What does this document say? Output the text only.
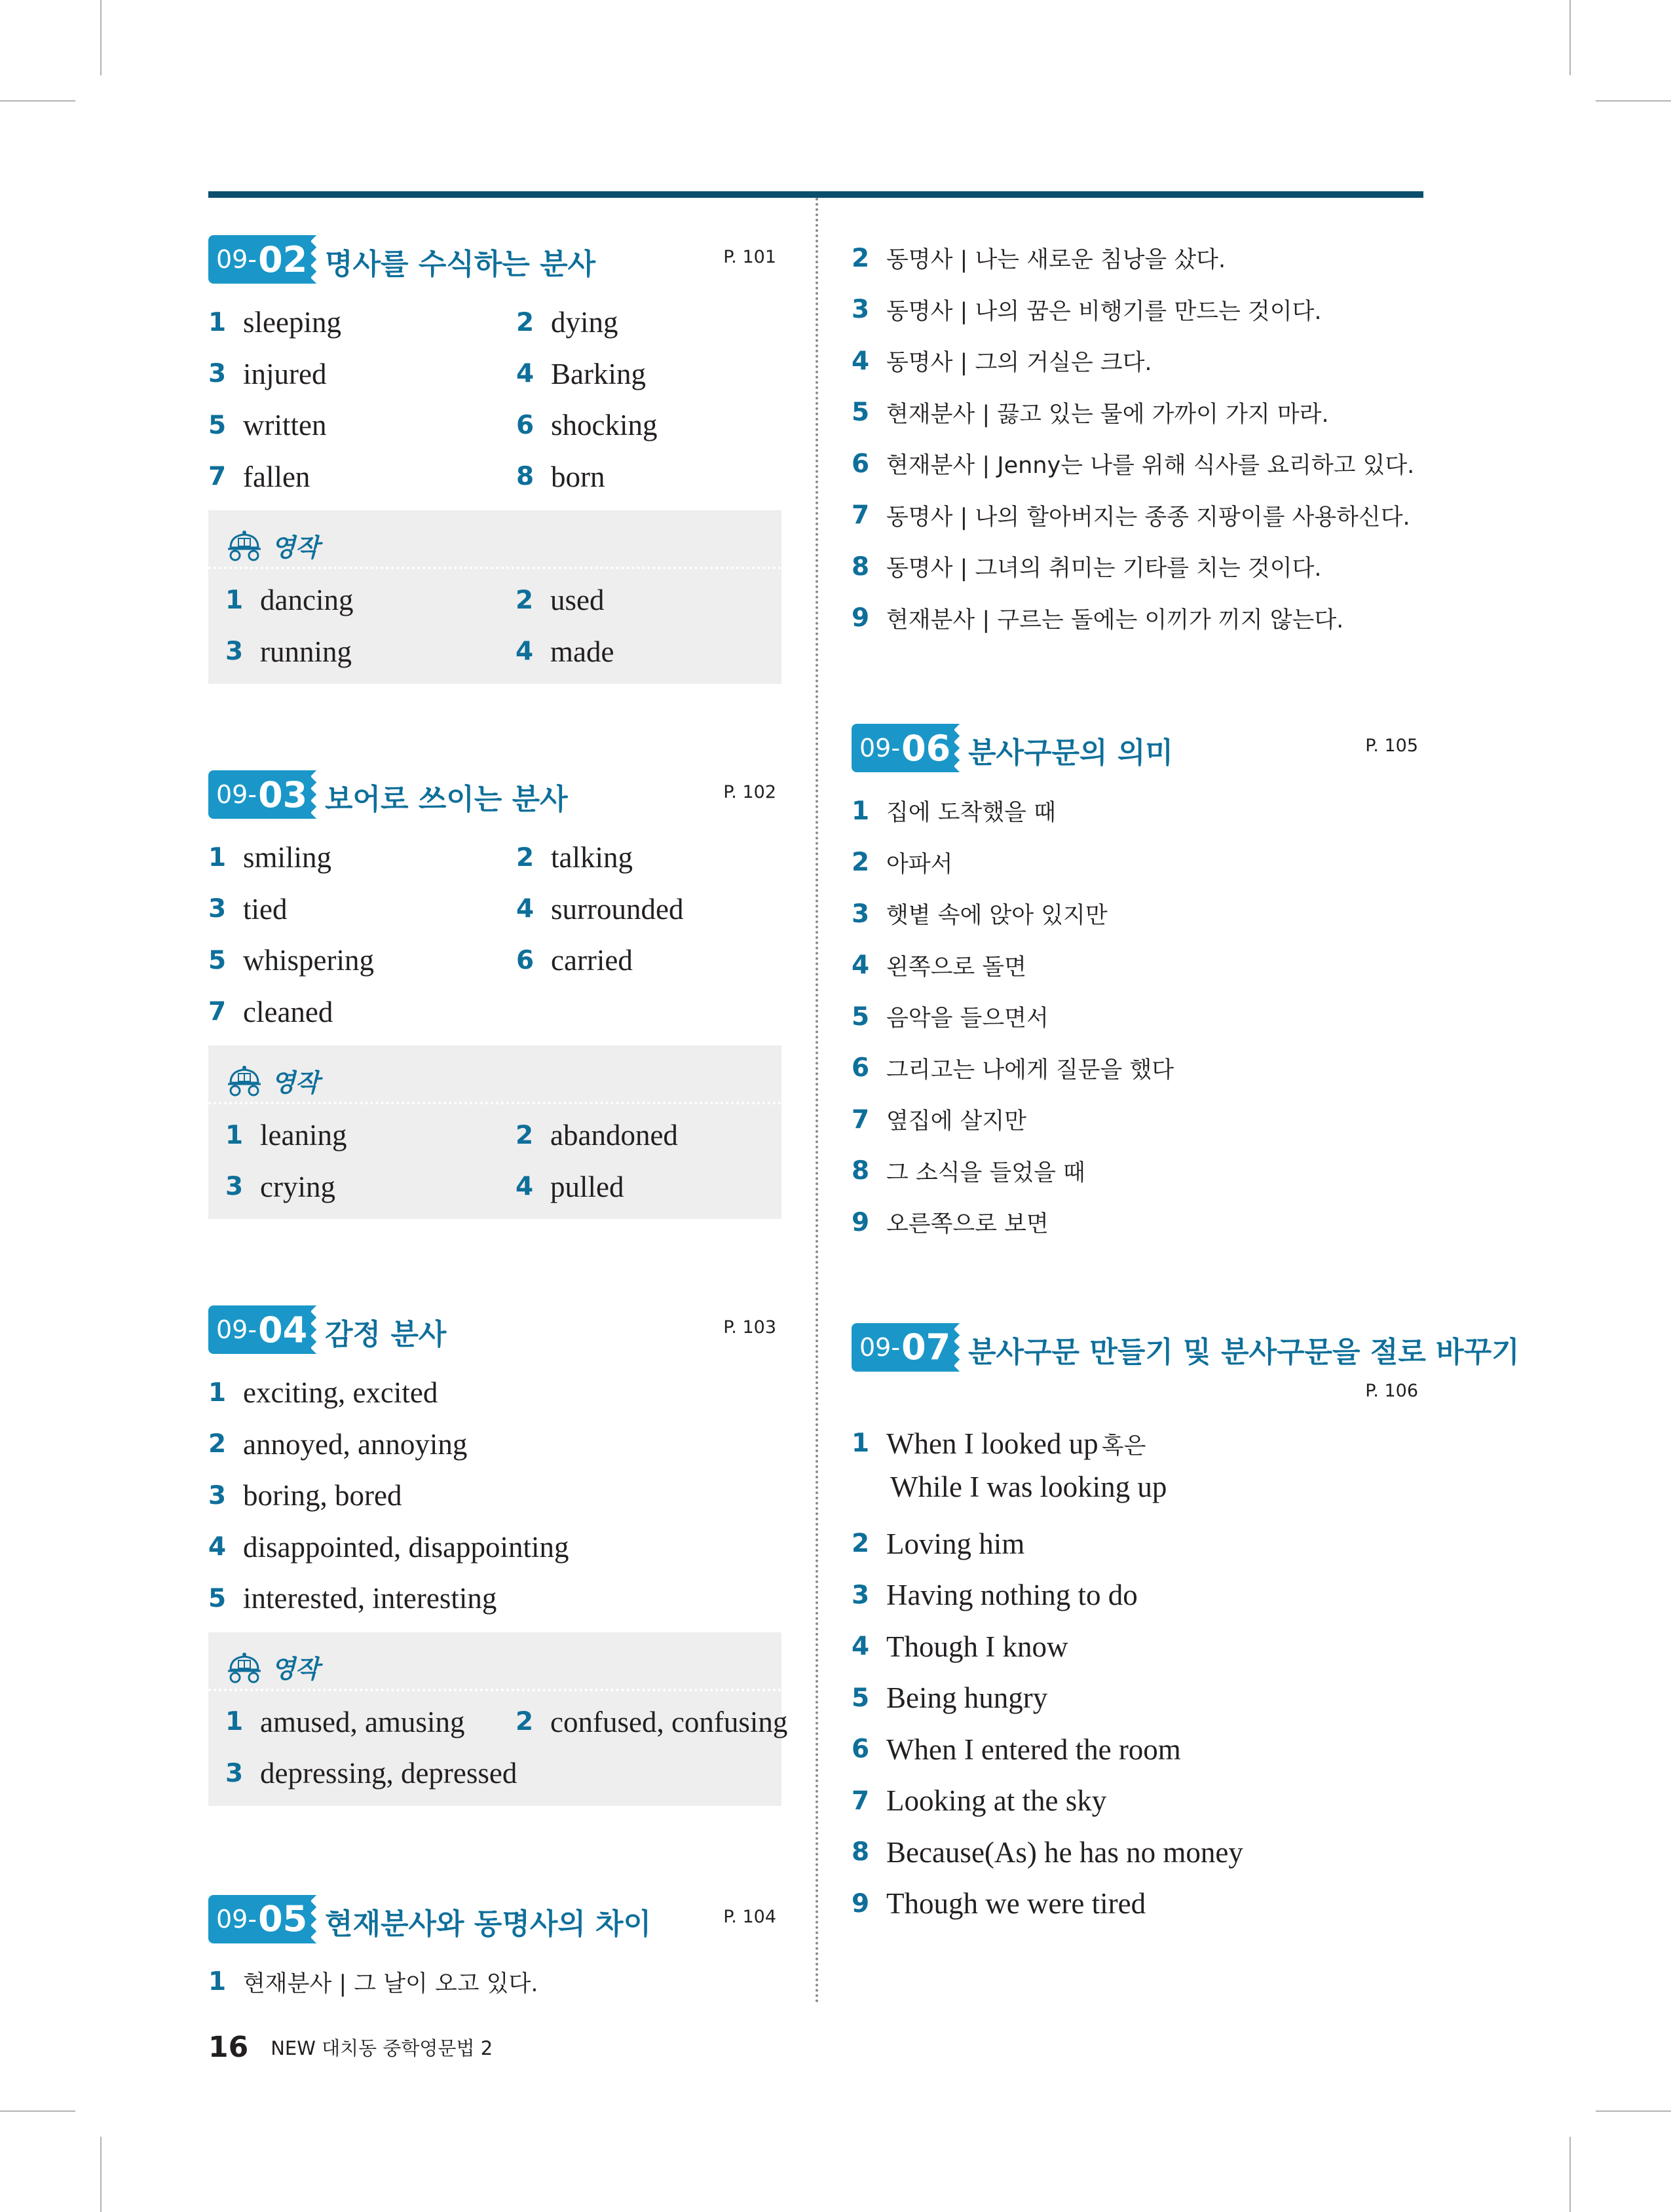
09- 02 명사를 수식하는 분사	P. 101
1 sleeping	2 dying
3 injured	4 Barking
5 written	6 shocking
7 fallen	8 born
영작
1 dancing	2 used
3 running	4 made
09- 03 보어로 쓰이는 분사	P. 102
1 smiling	2 talking
3 tied	4 surrounded
5 whispering	6 carried
7 cleaned
영작
1 leaning	2 abandoned
3 crying	4 pulled
09- 04 감정 분사	P. 103
1 exciting, excited
2 annoyed, annoying
3 boring, bored
4 disappointed, disappointing
5 interested, interesting
영작
1 amused, amusing 2 confused, confusing
3 depressing, depressed
09- 05 현재분사와 동명사의 차이	P. 104
1 현재분사 | 그 날이 오고 있다.
2 동명사 | 나는 새로운 침낭을 샀다.
3 동명사 | 나의 꿈은 비행기를 만드는 것이다.
4 동명사 | 그의 거실은 크다.
5 현재분사 | 끓고 있는 물에 가까이 가지 마라.
6 현재분사 | Jenny는 나를 위해 식사를 요리하고 있다.
7 동명사 | 나의 할아버지는 종종 지팡이를 사용하신다.
8 동명사 | 그녀의 취미는 기타를 치는 것이다.
9 현재분사 | 구르는 돌에는 이끼가 끼지 않는다.
09- 06 분사구문의 의미	P. 105
1 집에 도착했을 때
2 아파서
3 햇볕 속에 앉아 있지만
4 왼쪽으로 돌면
5 음악을 들으면서
6 그리고는 나에게 질문을 했다
7 옆집에 살지만
8 그 소식을 들었을 때
9 오른쪽으로 보면
09- 07 분사구문 만들기 및 분사구문을 절로 바꾸기
P. 106
1 When I looked up 혹은
While I was looking up
2 Loving him
3 Having nothing to do
4 Though I know
5 Being hungry
6 When I entered the room
7 Looking at the sky
8 Because(As) he has no money
9 Though we were tired
16 NEW 대치동 중학영문법 2
